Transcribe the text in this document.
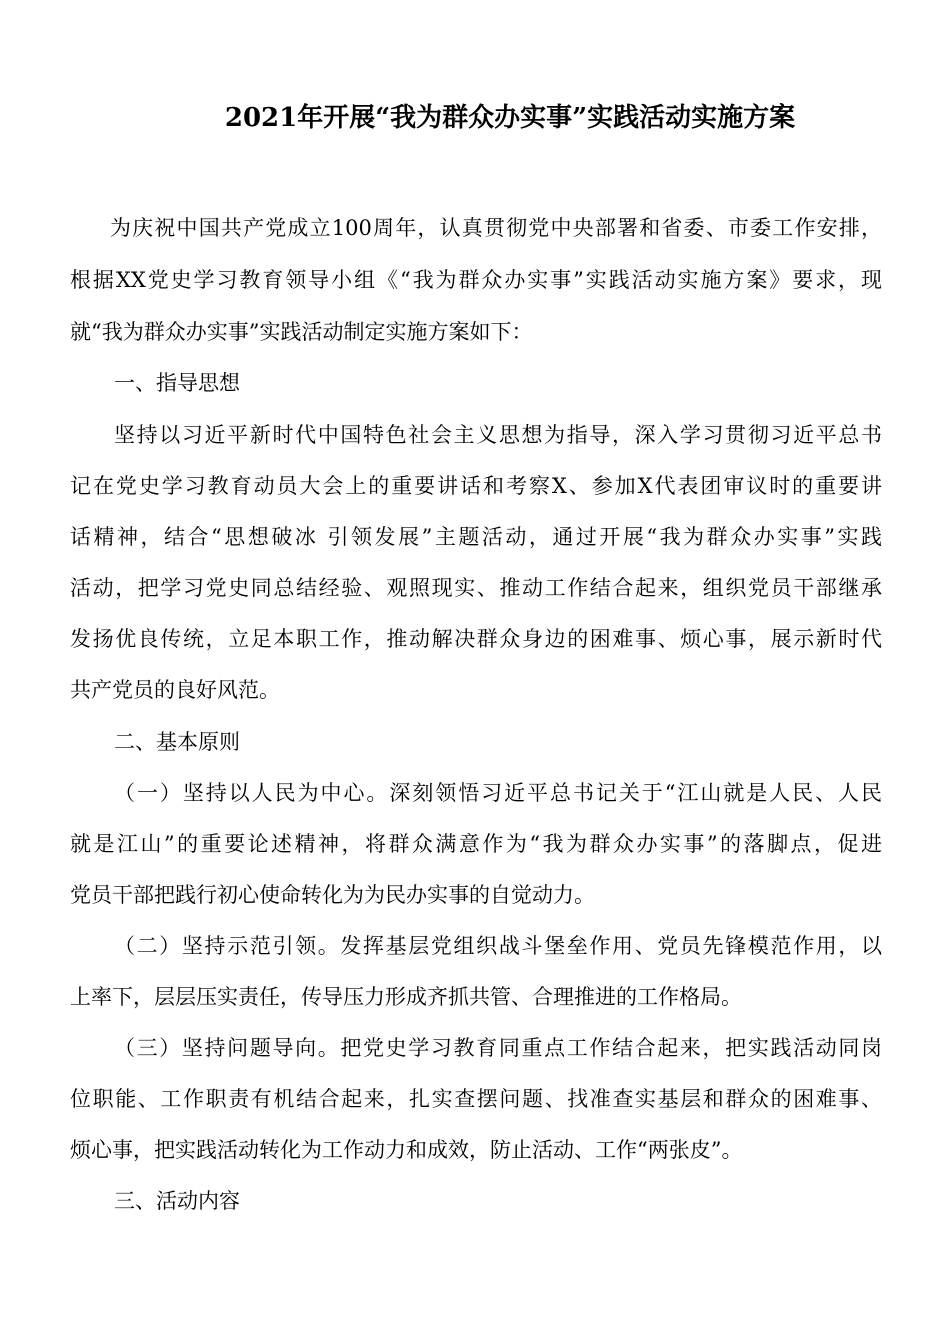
2021年开展“我为群众办实事”实践活动实施方案
为庆祝中国共产党成立100周年，认真贯彻党中央部署和省委、市委工作安排，
根据XX党史学习教育领导小组《“我为群众办实事”实践活动实施方案》要求，现
就“我为群众办实事”实践活动制定实施方案如下：
一、指导思想
坚持以习近平新时代中国特色社会主义思想为指导，深入学习贯彻习近平总书
记在党史学习教育动员大会上的重要讲话和考察X、参加X代表团审议时的重要讲
话精神，结合“思想破冰 引领发展”主题活动，通过开展“我为群众办实事”实践
活动，把学习党史同总结经验、观照现实、推动工作结合起来，组织党员干部继承
发扬优良传统，立足本职工作，推动解决群众身边的困难事、烦心事，展示新时代
共产党员的良好风范。
二、基本原则
（一）坚持以人民为中心。深刻领悟习近平总书记关于“江山就是人民、人民
就是江山”的重要论述精神，将群众满意作为“我为群众办实事”的落脚点，促进
党员干部把践行初心使命转化为为民办实事的自觉动力。
（二）坚持示范引领。发挥基层党组织战斗堡垒作用、党员先锋模范作用，以
上率下，层层压实责任，传导压力形成齐抓共管、合理推进的工作格局。
（三）坚持问题导向。把党史学习教育同重点工作结合起来，把实践活动同岗
位职能、工作职责有机结合起来，扎实查摆问题、找准查实基层和群众的困难事、
烦心事，把实践活动转化为工作动力和成效，防止活动、工作“两张皮”。
三、活动内容
